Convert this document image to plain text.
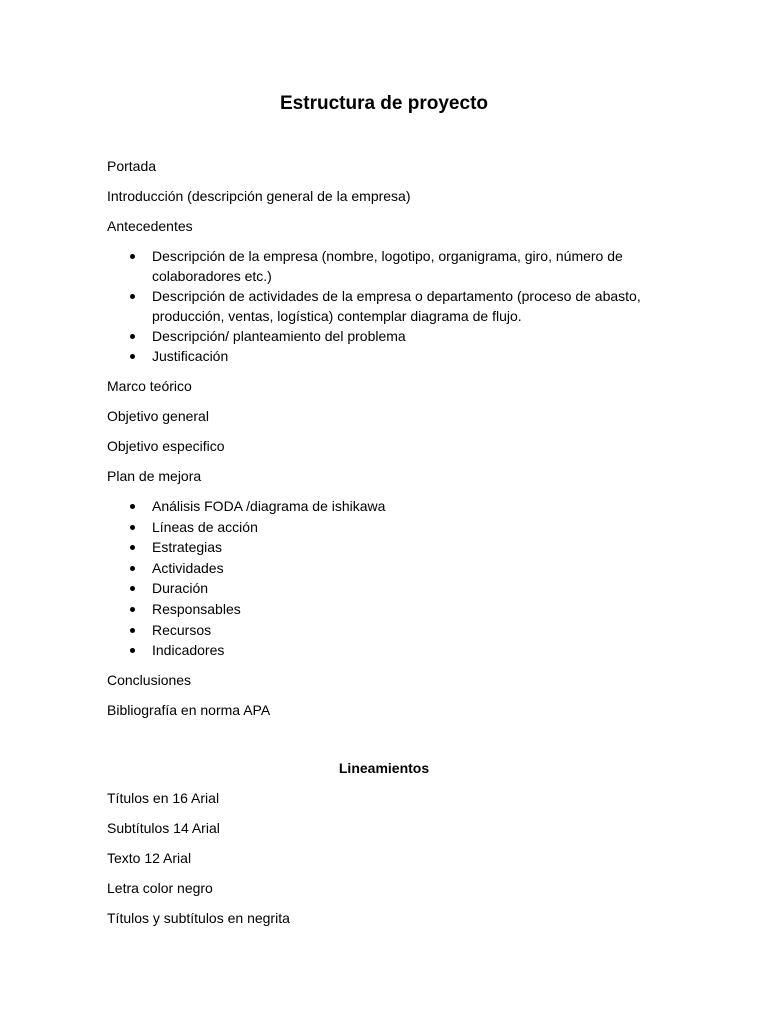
Estructura de proyecto

Portada

Introducción (descripción general de la empresa)

Antecedentes

Descripción de la empresa (nombre, logotipo, organigrama, giro, número de colaboradores etc.)
Descripción de actividades de la empresa o departamento (proceso de abasto, producción, ventas, logística) contemplar diagrama de flujo.
Descripción/ planteamiento del problema
Justificación

Marco teórico

Objetivo general

Objetivo especifico

Plan de mejora

Análisis FODA /diagrama de ishikawa
Líneas de acción
Estrategias
Actividades
Duración
Responsables
Recursos
Indicadores

Conclusiones

Bibliografía en norma APA

Lineamientos

Títulos en 16 Arial

Subtítulos 14 Arial

Texto 12 Arial

Letra color negro

Títulos y subtítulos en negrita
